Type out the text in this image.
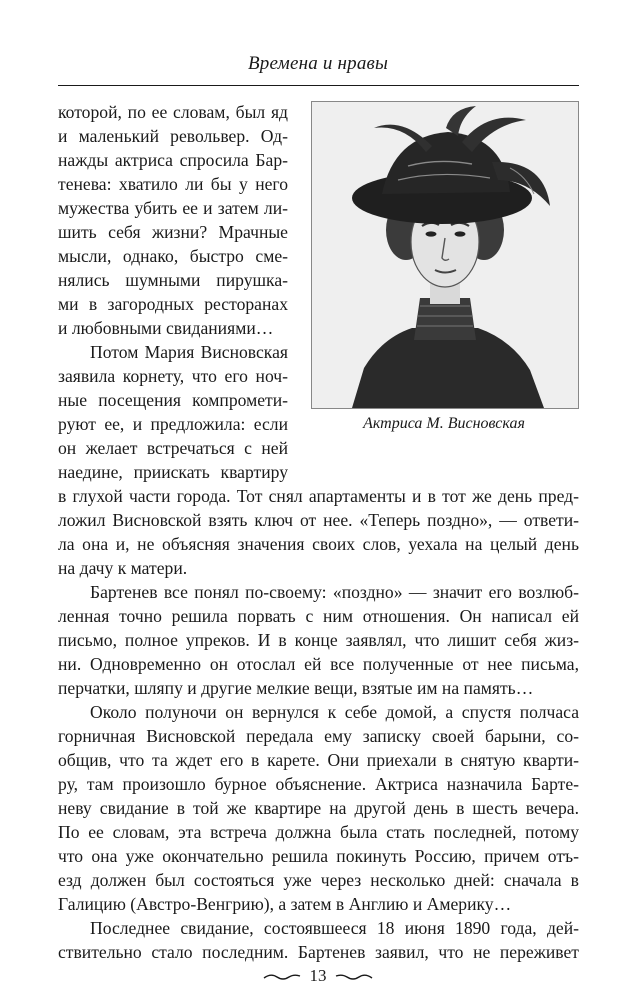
Времена и нравы
Актриса М. Висновская
которой, по ее словам, был яд
и маленький револьвер. Од-
нажды актриса спросила Бар-
тенева: хватило ли бы у него
мужества убить ее и затем ли-
шить себя жизни? Мрачные
мысли, однако, быстро сме-
нялись шумными пирушка-
ми в загородных ресторанах
и любовными свиданиями…
Потом Мария Висновская
заявила корнету, что его ноч-
ные посещения компромети-
руют ее, и предложила: если
он желает встречаться с ней
наедине, приискать квартиру
в глухой части города. Тот снял апартаменты и в тот же день пред-
ложил Висновской взять ключ от нее. «Теперь поздно», — ответи-
ла она и, не объясняя значения своих слов, уехала на целый день
на дачу к матери.
Бартенев все понял по-своему: «поздно» — значит его возлюб-
ленная точно решила порвать с ним отношения. Он написал ей
письмо, полное упреков. И в конце заявлял, что лишит себя жиз-
ни. Одновременно он отослал ей все полученные от нее письма,
перчатки, шляпу и другие мелкие вещи, взятые им на память…
Около полуночи он вернулся к себе домой, а спустя полчаса
горничная Висновской передала ему записку своей барыни, со-
общив, что та ждет его в карете. Они приехали в снятую кварти-
ру, там произошло бурное объяснение. Актриса назначила Барте-
неву свидание в той же квартире на другой день в шесть вечера.
По ее словам, эта встреча должна была стать последней, потому
что она уже окончательно решила покинуть Россию, причем отъ-
езд должен был состояться уже через несколько дней: сначала в
Галицию (Австро-Венгрию), а затем в Англию и Америку…
Последнее свидание, состоявшееся 18 июня 1890 года, дей-
ствительно стало последним. Бартенев заявил, что не переживет
13
